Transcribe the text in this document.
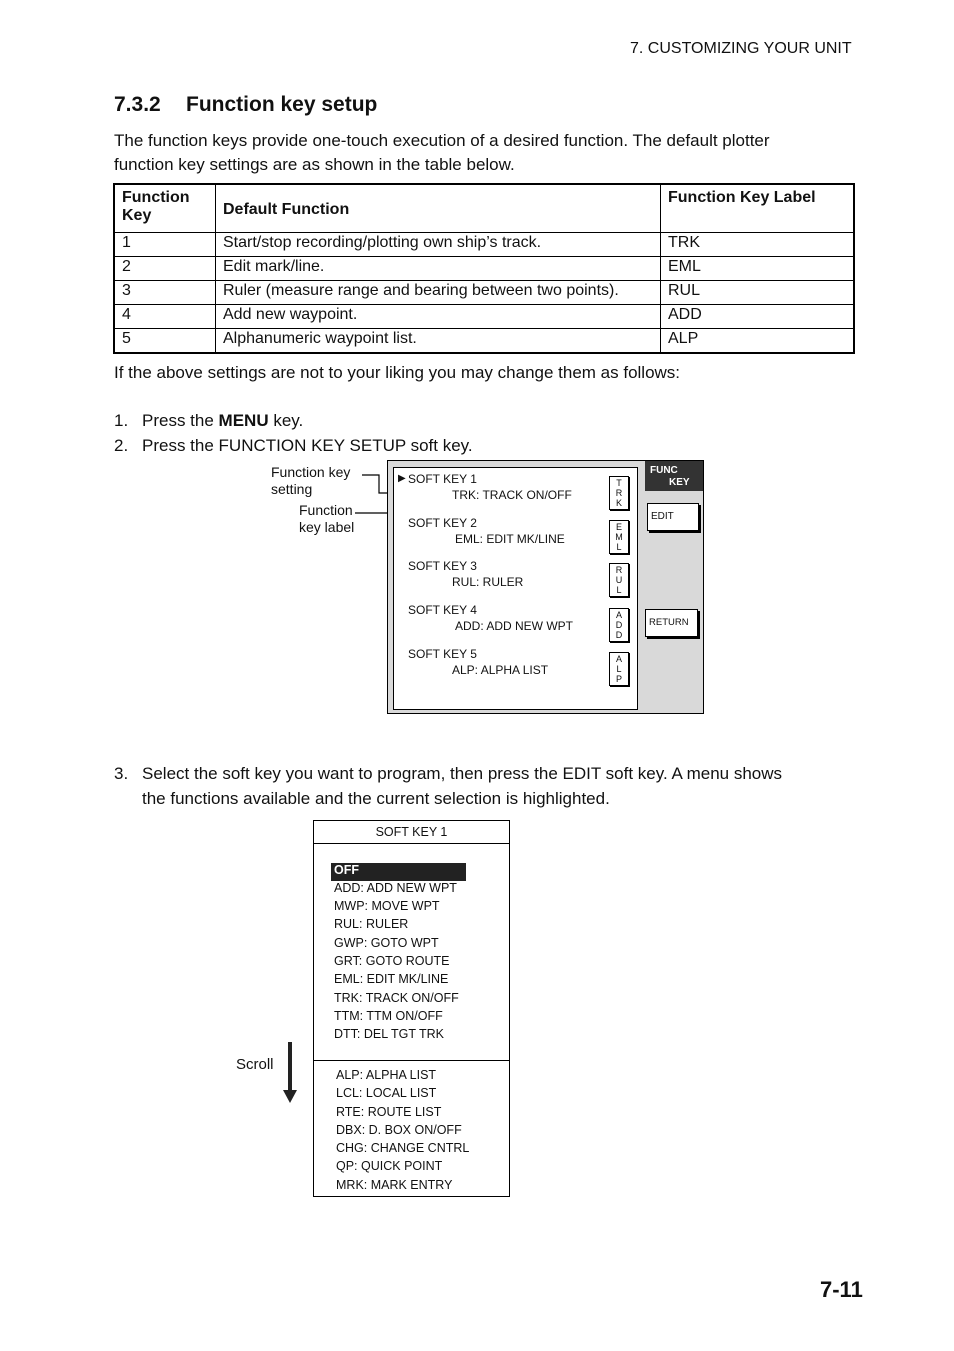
7. CUSTOMIZING YOUR UNIT
7.3.2 Function key setup
The function keys provide one-touch execution of a desired function. The default plotter
function key settings are as shown in the table below.
Function Key	Default Function	Function Key Label
1	Start/stop recording/plotting own ship’s track.	TRK
2	Edit mark/line.	EML
3	Ruler (measure range and bearing between two points).	RUL
4	Add new waypoint.	ADD
5	Alphanumeric waypoint list.	ALP
If the above settings are not to your liking you may change them as follows:
1. Press the MENU key.
2. Press the FUNCTION KEY SETUP soft key.
Function key
setting
Function
key label
▶ SOFT KEY 1
TRK: TRACK ON/OFF
T
R
K
SOFT KEY 2
EML: EDIT MK/LINE
E
M
L
SOFT KEY 3
RUL: RULER
R
U
L
SOFT KEY 4
ADD: ADD NEW WPT
A
D
D
SOFT KEY 5
ALP: ALPHA LIST
A
L
P
FUNC
KEY
EDIT
RETURN
3. Select the soft key you want to program, then press the EDIT soft key. A menu shows
the functions available and the current selection is highlighted.
SOFT KEY 1
OFF
ADD: ADD NEW WPT
MWP: MOVE WPT
RUL: RULER
GWP: GOTO WPT
GRT: GOTO ROUTE
EML: EDIT MK/LINE
TRK: TRACK ON/OFF
TTM: TTM ON/OFF
DTT: DEL TGT TRK
ALP: ALPHA LIST
LCL: LOCAL LIST
RTE: ROUTE LIST
DBX: D. BOX ON/OFF
CHG: CHANGE CNTRL
QP: QUICK POINT
MRK: MARK ENTRY
Scroll
7-11
